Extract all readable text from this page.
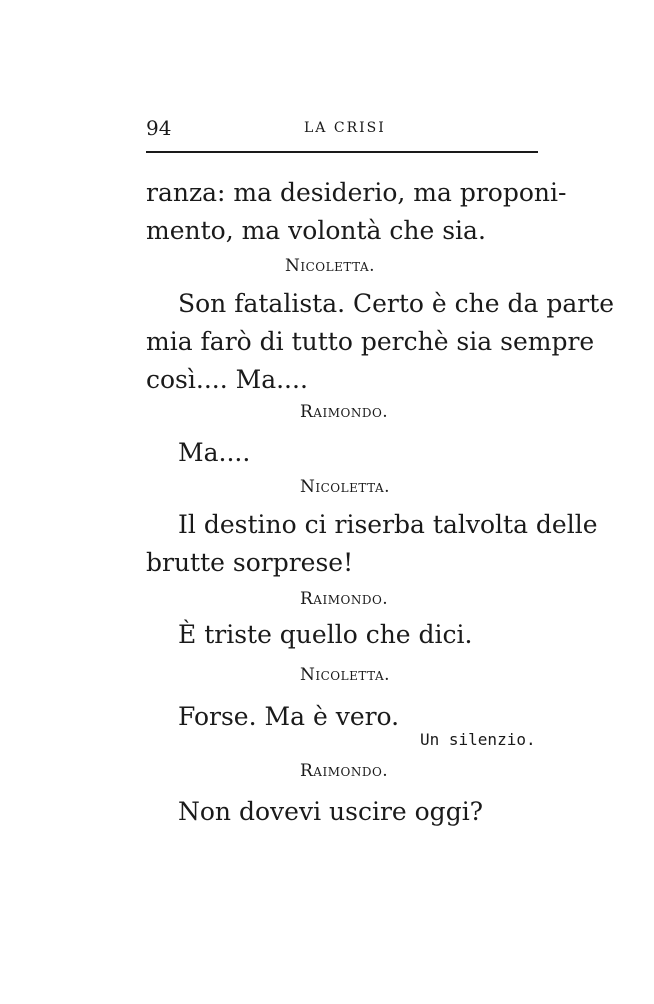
94	LA CRISI
ranza: ma desiderio, ma proponi-
mento, ma volontà che sia.
Nicoletta.
Son fatalista. Certo è che da parte
mia farò di tutto perchè sia sempre
così.... Ma....
Raimondo.
Ma....
Nicoletta.
Il destino ci riserba talvolta delle
brutte sorprese!
Raimondo.
È triste quello che dici.
Nicoletta.
Forse. Ma è vero.
Un silenzio.
Raimondo.
Non dovevi uscire oggi?
